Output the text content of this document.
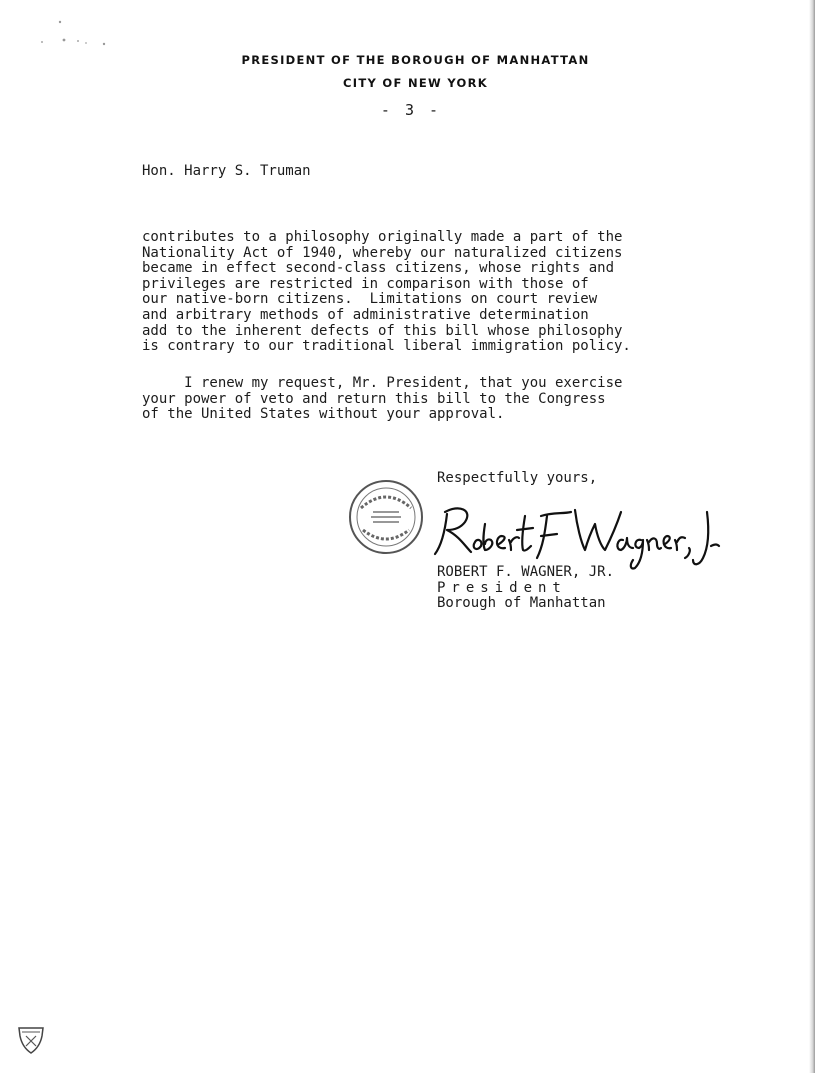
PRESIDENT OF THE BOROUGH OF MANHATTAN
CITY OF NEW YORK
- 3 -
Hon. Harry S. Truman
contributes to a philosophy originally made a part of the
Nationality Act of 1940, whereby our naturalized citizens
became in effect second-class citizens, whose rights and
privileges are restricted in comparison with those of
our native-born citizens.  Limitations on court review
and arbitrary methods of administrative determination
add to the inherent defects of this bill whose philosophy
is contrary to our traditional liberal immigration policy.
I renew my request, Mr. President, that you exercise
your power of veto and return this bill to the Congress
of the United States without your approval.
Respectfully yours,
ROBERT F. WAGNER, JR.
President
Borough of Manhattan
